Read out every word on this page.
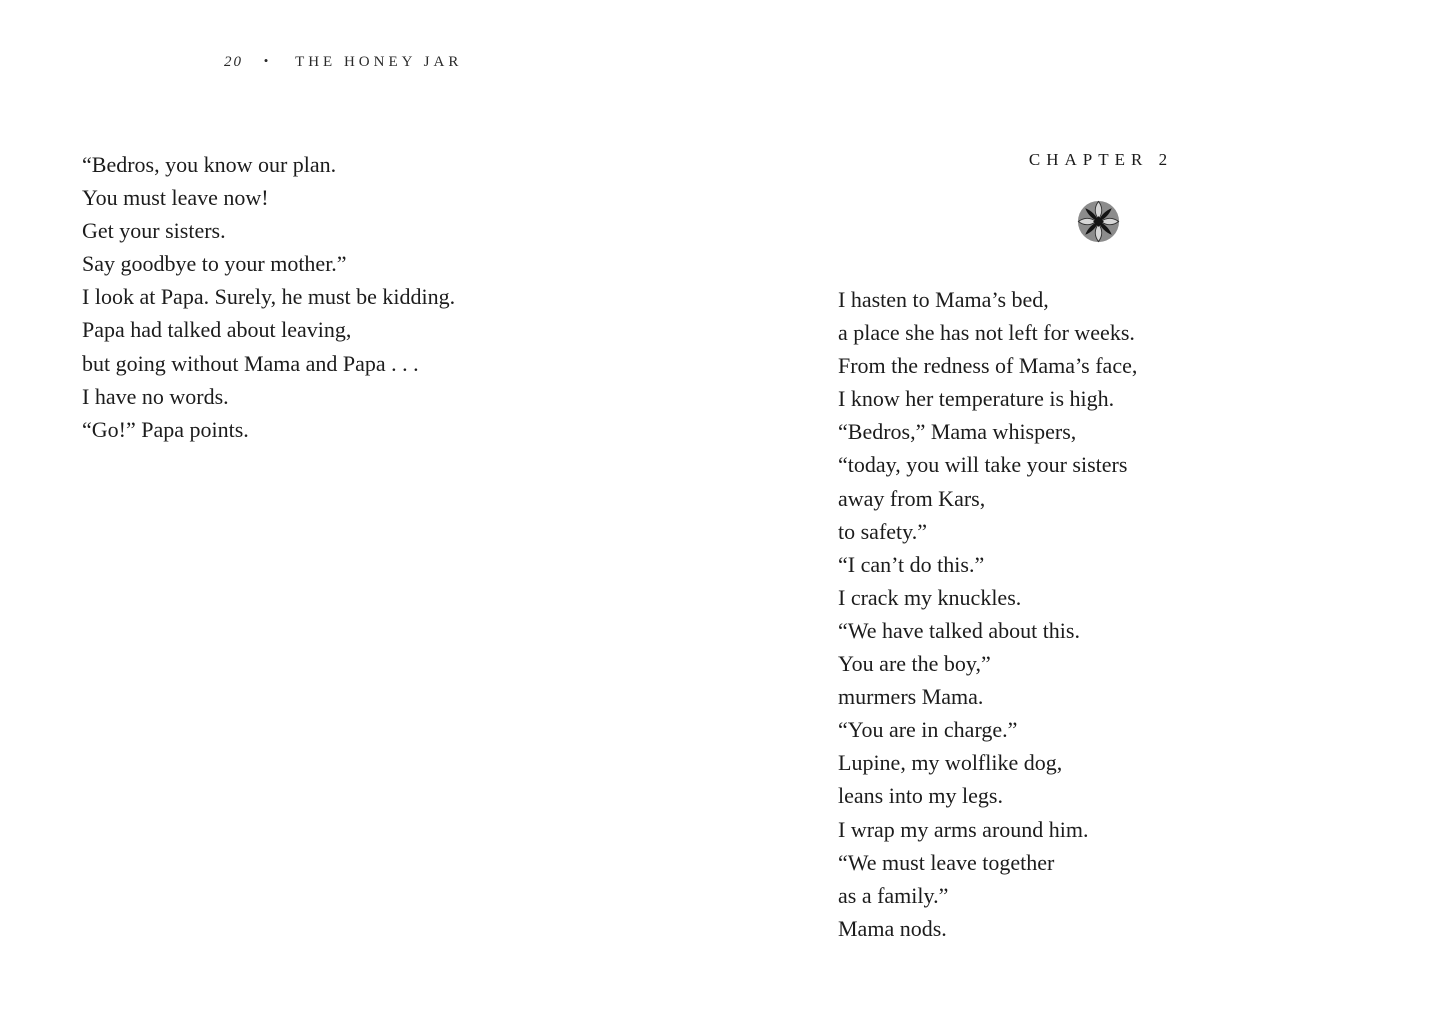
20 • THE HONEY JAR
“Bedros, you know our plan.
You must leave now!
Get your sisters.
Say goodbye to your mother.”
I look at Papa. Surely, he must be kidding.
Papa had talked about leaving,
but going without Mama and Papa . . .
I have no words.
“Go!” Papa points.
CHAPTER 2
I hasten to Mama’s bed,
a place she has not left for weeks.
From the redness of Mama’s face,
I know her temperature is high.
“Bedros,” Mama whispers,
“today, you will take your sisters
away from Kars,
to safety.”
“I can’t do this.”
I crack my knuckles.
“We have talked about this.
You are the boy,”
murmers Mama.
“You are in charge.”
Lupine, my wolflike dog,
leans into my legs.
I wrap my arms around him.
“We must leave together
as a family.”
Mama nods.
